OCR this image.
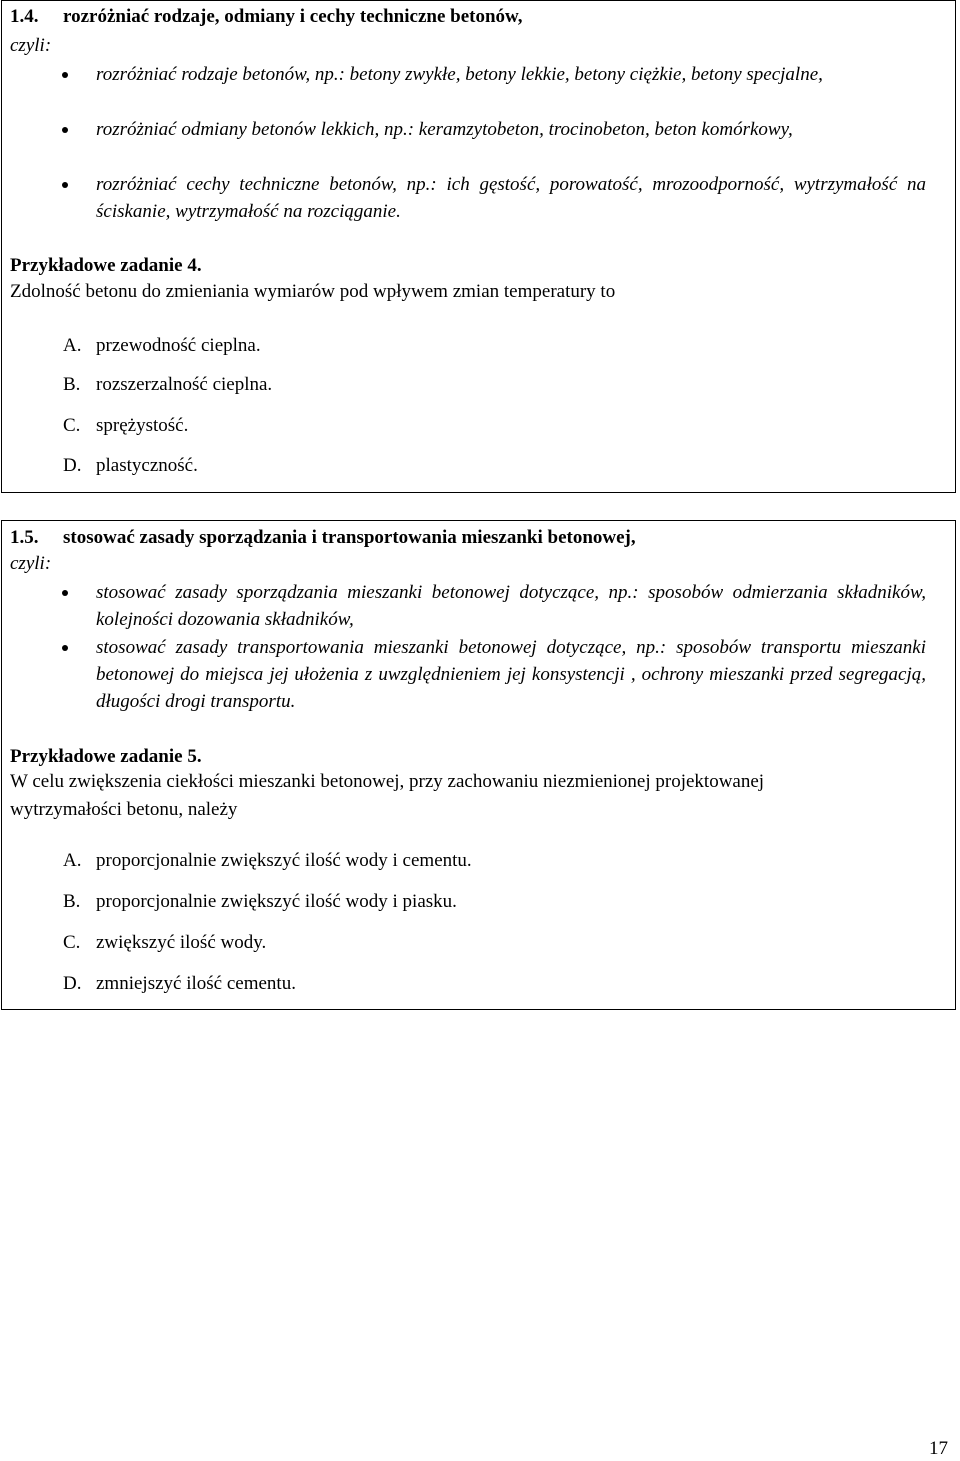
1.4. rozróżniać rodzaje, odmiany i cechy techniczne betonów,
czyli:
rozróżniać rodzaje betonów, np.: betony zwykłe, betony lekkie, betony ciężkie, betony specjalne,
rozróżniać odmiany betonów lekkich, np.: keramzytobeton, trocinobeton, beton komórkowy,
rozróżniać cechy techniczne betonów, np.: ich gęstość, porowatość, mrozoodporność, wytrzymałość na ściskanie, wytrzymałość na rozciąganie.
Przykładowe zadanie 4.
Zdolność betonu do zmieniania wymiarów pod wpływem zmian temperatury to
A. przewodność cieplna.
B. rozszerzalność cieplna.
C. sprężystość.
D. plastyczność.
1.5. stosować zasady sporządzania i transportowania mieszanki betonowej,
czyli:
stosować zasady sporządzania mieszanki betonowej dotyczące, np.: sposobów odmierzania składników, kolejności dozowania składników,
stosować zasady transportowania mieszanki betonowej dotyczące, np.: sposobów transportu mieszanki betonowej do miejsca jej ułożenia z uwzględnieniem jej konsystencji , ochrony mieszanki przed segregacją, długości drogi transportu.
Przykładowe zadanie 5.
W celu zwiększenia ciekłości mieszanki betonowej, przy zachowaniu niezmienionej projektowanej
wytrzymałości betonu, należy
A. proporcjonalnie zwiększyć ilość wody i cementu.
B. proporcjonalnie zwiększyć ilość wody i piasku.
C. zwiększyć ilość wody.
D. zmniejszyć ilość cementu.
17
